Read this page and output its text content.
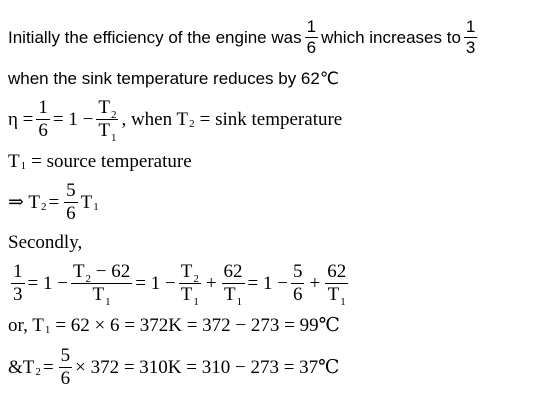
Initially the efficiency of the engine was $\frac{1}{6}$ which increases to $\frac{1}{3}$
when the sink temperature reduces by 62℃
$\eta = \frac{1}{6} = 1 - \frac{T_2}{T_1}$ , when T 2 = sink temperature
T 1 = source temperature
⇒ T $2 = \frac{5}{6}$ T 1
Secondly,
$\frac{1}{3} = 1 - \frac{T_2 - 62}{T_1} = 1 - \frac{T_2}{T_1} + \frac{62}{T_1} = 1 - \frac{5}{6} + \frac{62}{T_1}$
or, T 1 = 62 × 6 = 372K = 372 − 273 = 99℃
&T $2 = \frac{5}{6} \times 372 = 310K = 310 - 273$ = 37℃
